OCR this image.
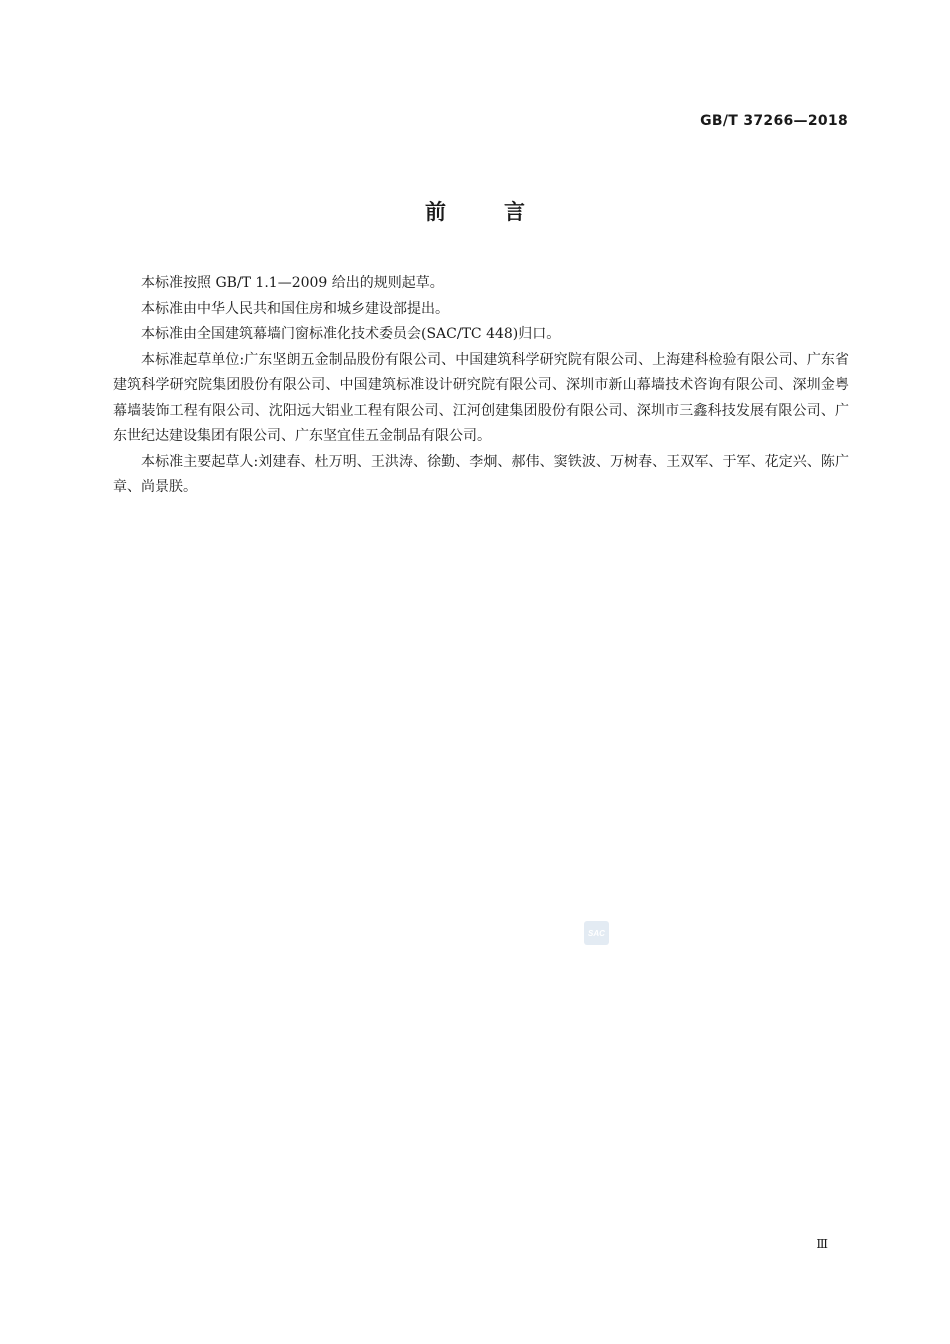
GB/T 37266—2018
前言

本标准按照 GB/T 1.1—2009 给出的规则起草。

本标准由中华人民共和国住房和城乡建设部提出。

本标准由全国建筑幕墙门窗标准化技术委员会(SAC/TC 448)归口。

本标准起草单位:广东坚朗五金制品股份有限公司、中国建筑科学研究院有限公司、上海建科检验有限公司、广东省建筑科学研究院集团股份有限公司、中国建筑标准设计研究院有限公司、深圳市新山幕墙技术咨询有限公司、深圳金粤幕墙装饰工程有限公司、沈阳远大铝业工程有限公司、江河创建集团股份有限公司、深圳市三鑫科技发展有限公司、广东世纪达建设集团有限公司、广东坚宜佳五金制品有限公司。

本标准主要起草人:刘建春、杜万明、王洪涛、徐勤、李炯、郝伟、窦铁波、万树春、王双军、于军、花定兴、陈广章、尚景朕。

SAC
Ⅲ
